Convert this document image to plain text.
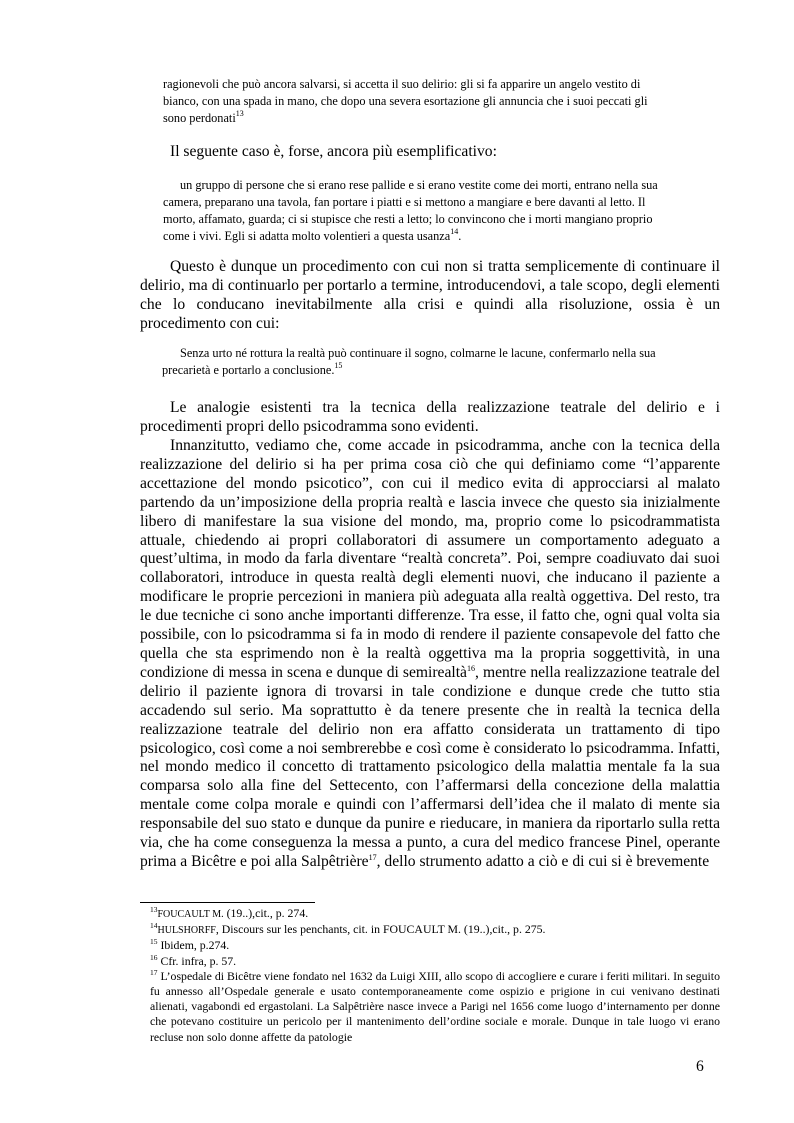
ragionevoli che può ancora salvarsi, si accetta il suo delirio: gli si fa apparire un angelo vestito di
bianco, con una spada in mano, che dopo una severa esortazione gli annuncia che i suoi peccati gli
sono perdonati$^{13}$

Il seguente caso è, forse, ancora più esemplificativo:

un gruppo di persone che si erano rese pallide e si erano vestite come dei morti, entrano nella sua
camera, preparano una tavola, fan portare i piatti e si mettono a mangiare e bere davanti al letto. Il
morto, affamato, guarda; ci si stupisce che resti a letto; lo convincono che i morti mangiano proprio
come i vivi. Egli si adatta molto volentieri a questa usanza$^{14}$.

Questo è dunque un procedimento con cui non si tratta semplicemente di continuare il delirio, ma di continuarlo per portarlo a termine, introducendovi, a tale scopo, degli elementi che lo conducano inevitabilmente alla crisi e quindi alla risoluzione, ossia è un procedimento con cui:

Senza urto né rottura la realtà può continuare il sogno, colmarne le lacune, confermarlo nella sua
precarietà e portarlo a conclusione.$^{15}$

Le analogie esistenti tra la tecnica della realizzazione teatrale del delirio e i procedimenti propri dello psicodramma sono evidenti.

Innanzitutto, vediamo che, come accade in psicodramma, anche con la tecnica della realizzazione del delirio si ha per prima cosa ciò che qui definiamo come “l’apparente accettazione del mondo psicotico”, con cui il medico evita di approcciarsi al malato partendo da un’imposizione della propria realtà e lascia invece che questo sia inizialmente libero di manifestare la sua visione del mondo, ma, proprio come lo psicodrammatista attuale, chiedendo ai propri collaboratori di assumere un comportamento adeguato a quest’ultima, in modo da farla diventare “realtà concreta”. Poi, sempre coadiuvato dai suoi collaboratori, introduce in questa realtà degli elementi nuovi, che inducano il paziente a modificare le proprie percezioni in maniera più adeguata alla realtà oggettiva. Del resto, tra le due tecniche ci sono anche importanti differenze. Tra esse, il fatto che, ogni qual volta sia possibile, con lo psicodramma si fa in modo di rendere il paziente consapevole del fatto che quella che sta esprimendo non è la realtà oggettiva ma la propria soggettività, in una condizione di messa in scena e dunque di semirealtà$^{16}$, mentre nella realizzazione teatrale del delirio il paziente ignora di trovarsi in tale condizione e dunque crede che tutto stia accadendo sul serio. Ma soprattutto è da tenere presente che in realtà la tecnica della realizzazione teatrale del delirio non era affatto considerata un trattamento di tipo psicologico, così come a noi sembrerebbe e così come è considerato lo psicodramma. Infatti, nel mondo medico il concetto di trattamento psicologico della malattia mentale fa la sua comparsa solo alla fine del Settecento, con l’affermarsi della concezione della malattia mentale come colpa morale e quindi con l’affermarsi dell’idea che il malato di mente sia responsabile del suo stato e dunque da punire e rieducare, in maniera da riportarlo sulla retta via, che ha come conseguenza la messa a punto, a cura del medico francese Pinel, operante prima a Bicêtre e poi alla Salpêtrière$^{17}$, dello strumento adatto a ciò e di cui si è brevemente

$^{13}$FOUCAULT M. (19..),cit., p. 274.

$^{14}$HULSHORFF, Discours sur les penchants, cit. in FOUCAULT M. (19..),cit., p. 275.

$^{15}$ Ibidem, p.274.

$^{16}$ Cfr. infra, p. 57.

$^{17}$ L’ospedale di Bicêtre viene fondato nel 1632 da Luigi XIII, allo scopo di accogliere e curare i feriti militari. In seguito fu annesso all’Ospedale generale e usato contemporaneamente come ospizio e prigione in cui venivano destinati alienati, vagabondi ed ergastolani. La Salpêtrière nasce invece a Parigi nel 1656 come luogo d’internamento per donne che potevano costituire un pericolo per il mantenimento dell’ordine sociale e morale. Dunque in tale luogo vi erano recluse non solo donne affette da patologie

6
